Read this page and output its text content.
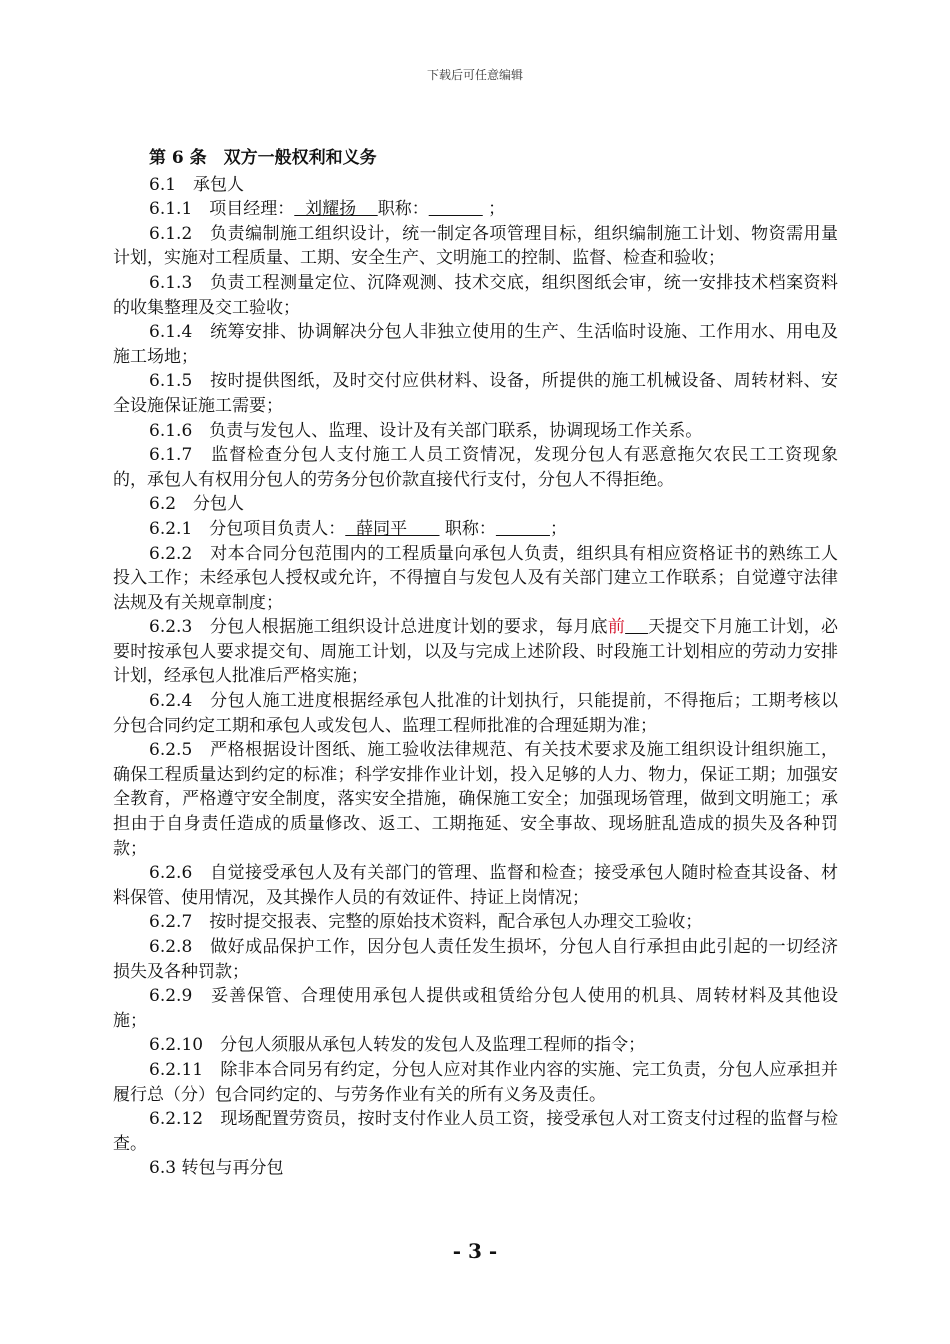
下载后可任意编辑

第 6 条　双方一般权利和义务

6.1　承包人

6.1.1　 项目经理：  刘耀扬    职称：	；

6.1.2　负责编制施工组织设计，统一制定各项管理目标，组织编制施工计划、物资需用量计划，实施对工程质量、工期、安全生产、文明施工的控制、监督、检查和验收；

6.1.3　负责工程测量定位、沉降观测、技术交底，组织图纸会审，统一安排技术档案资料的收集整理及交工验收；

6.1.4　统筹安排、协调解决分包人非独立使用的生产、生活临时设施、工作用水、用电及施工场地；

6.1.5　按时提供图纸，及时交付应供材料、设备，所提供的施工机械设备、周转材料、安全设施保证施工需要；

6.1.6　负责与发包人、监理、设计及有关部门联系，协调现场工作关系。

6.1.7　监督检查分包人支付施工人员工资情况，发现分包人有恶意拖欠农民工工资现象的，承包人有权用分包人的劳务分包价款直接代行支付，分包人不得拒绝。

6.2　分包人

6.2.1　 分包项目负责人：  薛同平       职称：	；

6.2.2　对本合同分包范围内的工程质量向承包人负责，组织具有相应资格证书的熟练工人投入工作；未经承包人授权或允许，不得擅自与发包人及有关部门建立工作联系；自觉遵守法律法规及有关规章制度；

6.2.3　分包人根据施工组织设计总进度计划的要求，每月底前 天提交下月施工计划，必要时按承包人要求提交旬、周施工计划，以及与完成上述阶段、时段施工计划相应的劳动力安排计划，经承包人批准后严格实施；

6.2.4　分包人施工进度根据经承包人批准的计划执行，只能提前，不得拖后；工期考核以分包合同约定工期和承包人或发包人、监理工程师批准的合理延期为准；

6.2.5　严格根据设计图纸、施工验收法律规范、有关技术要求及施工组织设计组织施工，确保工程质量达到约定的标准；科学安排作业计划，投入足够的人力、物力，保证工期；加强安全教育，严格遵守安全制度，落实安全措施，确保施工安全；加强现场管理，做到文明施工；承担由于自身责任造成的质量修改、返工、工期拖延、安全事故、现场脏乱造成的损失及各种罚款；

6.2.6　自觉接受承包人及有关部门的管理、监督和检查；接受承包人随时检查其设备、材料保管、使用情况，及其操作人员的有效证件、持证上岗情况；

6.2.7　按时提交报表、完整的原始技术资料，配合承包人办理交工验收；

6.2.8　做好成品保护工作，因分包人责任发生损坏，分包人自行承担由此引起的一切经济损失及各种罚款；

6.2.9　妥善保管、合理使用承包人提供或租赁给分包人使用的机具、周转材料及其他设施；

6.2.10　分包人须服从承包人转发的发包人及监理工程师的指令；

6.2.11　除非本合同另有约定，分包人应对其作业内容的实施、完工负责，分包人应承担并履行总（分）包合同约定的、与劳务作业有关的所有义务及责任。

6.2.12　现场配置劳资员，按时支付作业人员工资，接受承包人对工资支付过程的监督与检查。

6.3 转包与再分包

- 3 -
